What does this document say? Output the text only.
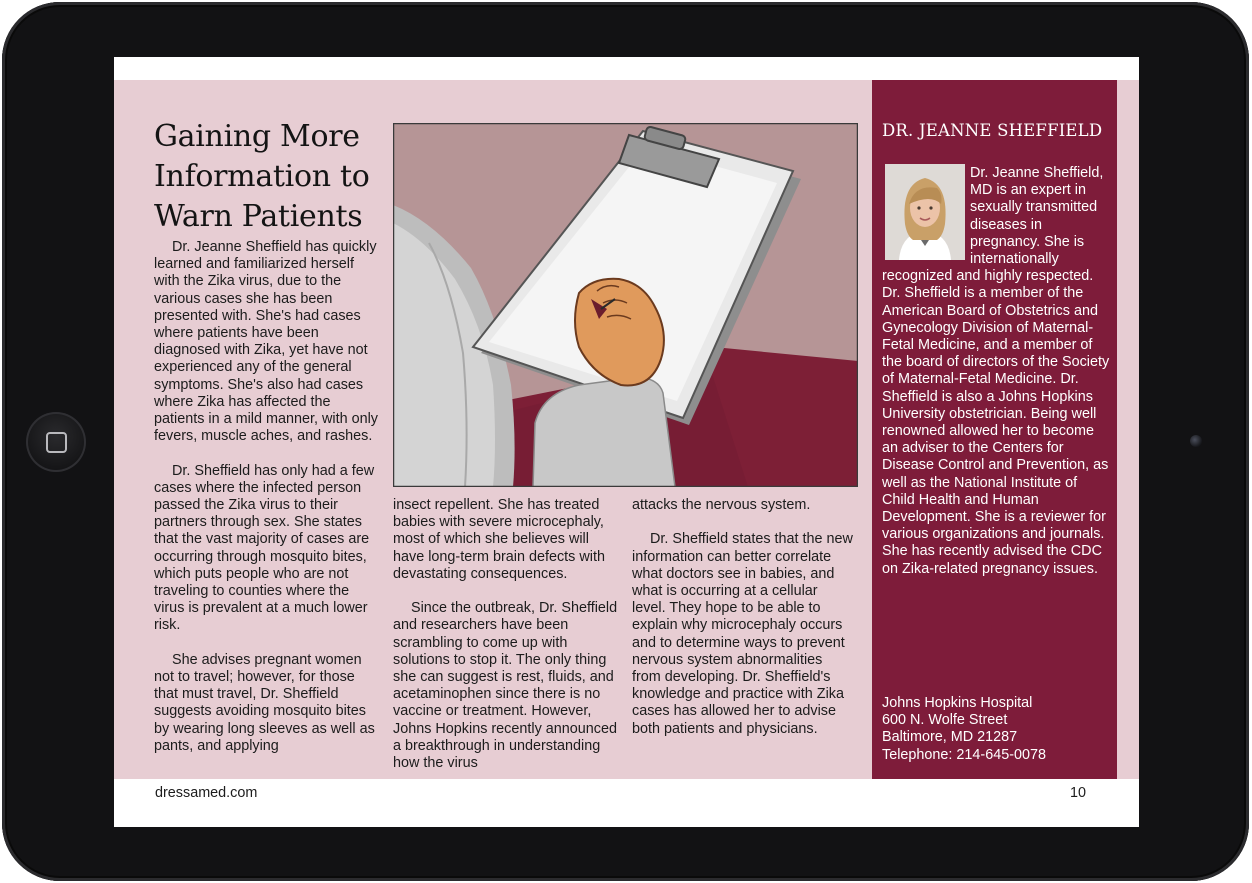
Gaining More Information to Warn Patients

Dr. Jeanne Sheffield has quickly learned and familiarized herself with the Zika virus, due to the various cases she has been presented with. She's had cases where patients have been diagnosed with Zika, yet have not experienced any of the general symptoms. She's also had cases where Zika has affected the patients in a mild manner, with only fevers, muscle aches, and rashes.

Dr. Sheffield has only had a few cases where the infected person passed the Zika virus to their partners through sex. She states that the vast majority of cases are occurring through mosquito bites, which puts people who are not traveling to counties where the virus is prevalent at a much lower risk.

She advises pregnant women not to travel; however, for those that must travel, Dr. Sheffield suggests avoiding mosquito bites by wearing long sleeves as well as pants, and applying

insect repellent. She has treated babies with severe microcephaly, most of which she believes will have long-term brain defects with devastating consequences.

Since the outbreak, Dr. Sheffield and researchers have been scrambling to come up with solutions to stop it. The only thing she can suggest is rest, fluids, and acetaminophen since there is no vaccine or treatment. However, Johns Hopkins recently announced a breakthrough in understanding how the virus

attacks the nervous system.

Dr. Sheffield states that the new information can better correlate what doctors see in babies, and what is occurring at a cellular level. They hope to be able to explain why microcephaly occurs and to determine ways to prevent nervous system abnormalities from developing. Dr. Sheffield's knowledge and practice with Zika cases has allowed her to advise both patients and physicians.

DR. JEANNE SHEFFIELD

Dr. Jeanne Sheffield, MD is an expert in sexually transmitted diseases in pregnancy. She is internationally recognized and highly respected. Dr. Sheffield is a member of the American Board of Obstetrics and Gynecology Division of Maternal-Fetal Medicine, and a member of the board of directors of the Society of Maternal-Fetal Medicine. Dr. Sheffield is also a Johns Hopkins University obstetrician. Being well renowned allowed her to become an adviser to the Centers for Disease Control and Prevention, as well as the National Institute of Child Health and Human Development. She is a reviewer for various organizations and journals. She has recently advised the CDC on Zika-related pregnancy issues.

Johns Hopkins Hospital
600 N. Wolfe Street
Baltimore, MD 21287
Telephone: 214-645-0078
dressamed.com	10
